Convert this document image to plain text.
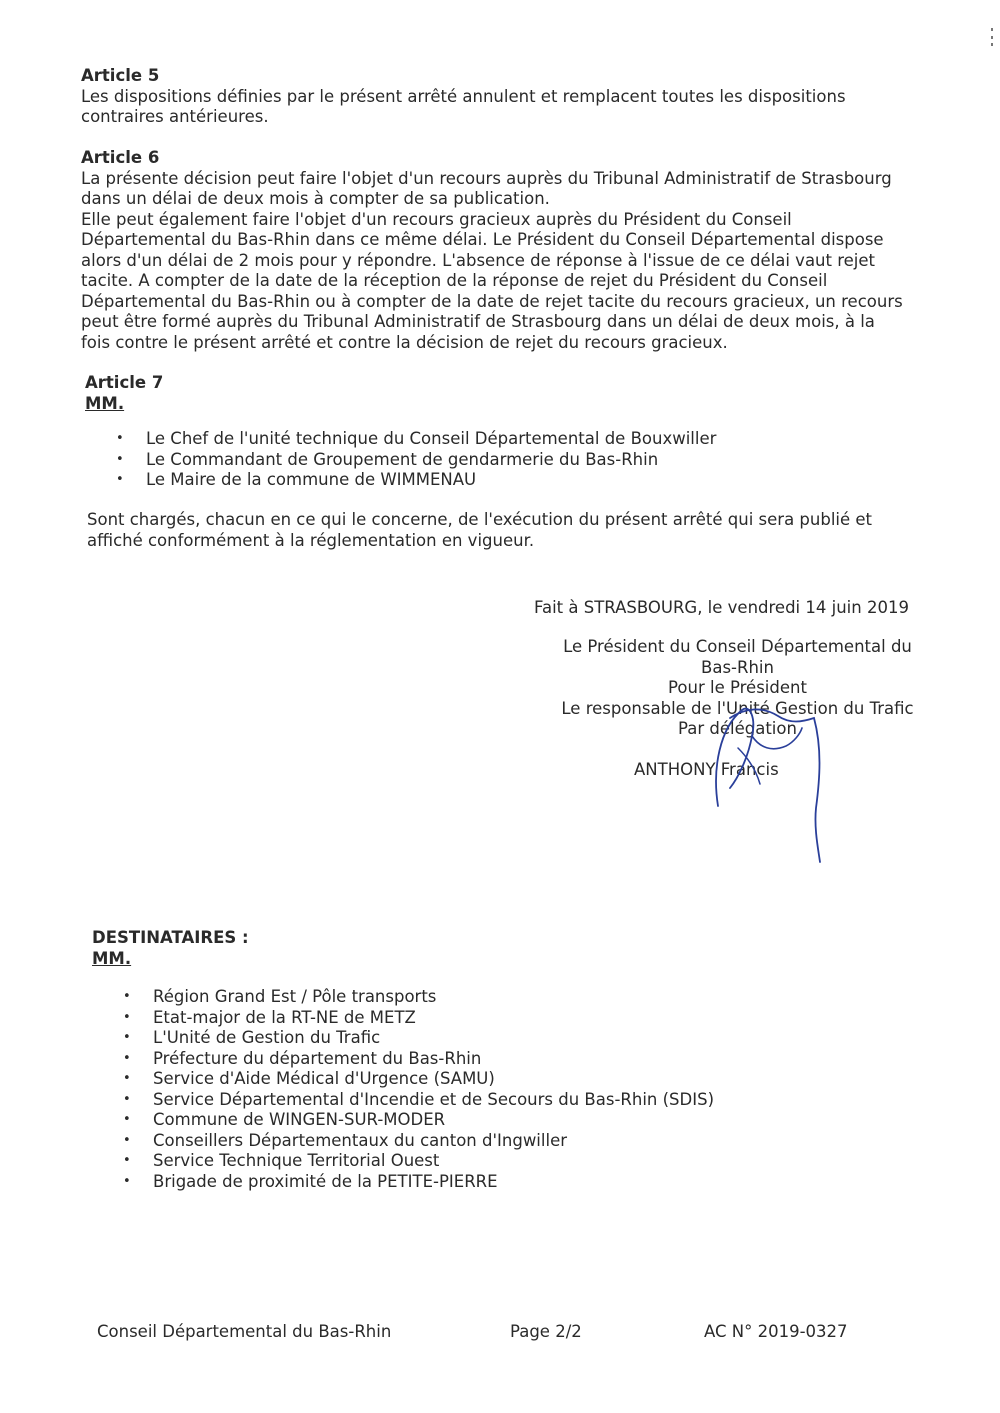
Article 5
Les dispositions définies par le présent arrêté annulent et remplacent toutes les dispositions
contraires antérieures.
Article 6
La présente décision peut faire l'objet d'un recours auprès du Tribunal Administratif de Strasbourg
dans un délai de deux mois à compter de sa publication.
Elle peut également faire l'objet d'un recours gracieux auprès du Président du Conseil
Départemental du Bas-Rhin dans ce même délai. Le Président du Conseil Départemental dispose
alors d'un délai de 2 mois pour y répondre. L'absence de réponse à l'issue de ce délai vaut rejet
tacite. A compter de la date de la réception de la réponse de rejet du Président du Conseil
Départemental du Bas-Rhin ou à compter de la date de rejet tacite du recours gracieux, un recours
peut être formé auprès du Tribunal Administratif de Strasbourg dans un délai de deux mois, à la
fois contre le présent arrêté et contre la décision de rejet du recours gracieux.
Article 7
MM.
• Le Chef de l'unité technique du Conseil Départemental de Bouxwiller
• Le Commandant de Groupement de gendarmerie du Bas-Rhin
• Le Maire de la commune de WIMMENAU
Sont chargés, chacun en ce qui le concerne, de l'exécution du présent arrêté qui sera publié et
affiché conformément à la réglementation en vigueur.
Fait à STRASBOURG, le vendredi 14 juin 2019
Le Président du Conseil Départemental du
Bas-Rhin
Pour le Président
Le responsable de l'Unité Gestion du Trafic
Par délégation
ANTHONY Francis
DESTINATAIRES :
MM.
• Région Grand Est / Pôle transports
• Etat-major de la RT-NE de METZ
• L'Unité de Gestion du Trafic
• Préfecture du département du Bas-Rhin
• Service d'Aide Médical d'Urgence (SAMU)
• Service Départemental d'Incendie et de Secours du Bas-Rhin (SDIS)
• Commune de WINGEN-SUR-MODER
• Conseillers Départementaux du canton d'Ingwiller
• Service Technique Territorial Ouest
• Brigade de proximité de la PETITE-PIERRE
Conseil Départemental du Bas-Rhin	Page 2/2	AC N° 2019-0327
